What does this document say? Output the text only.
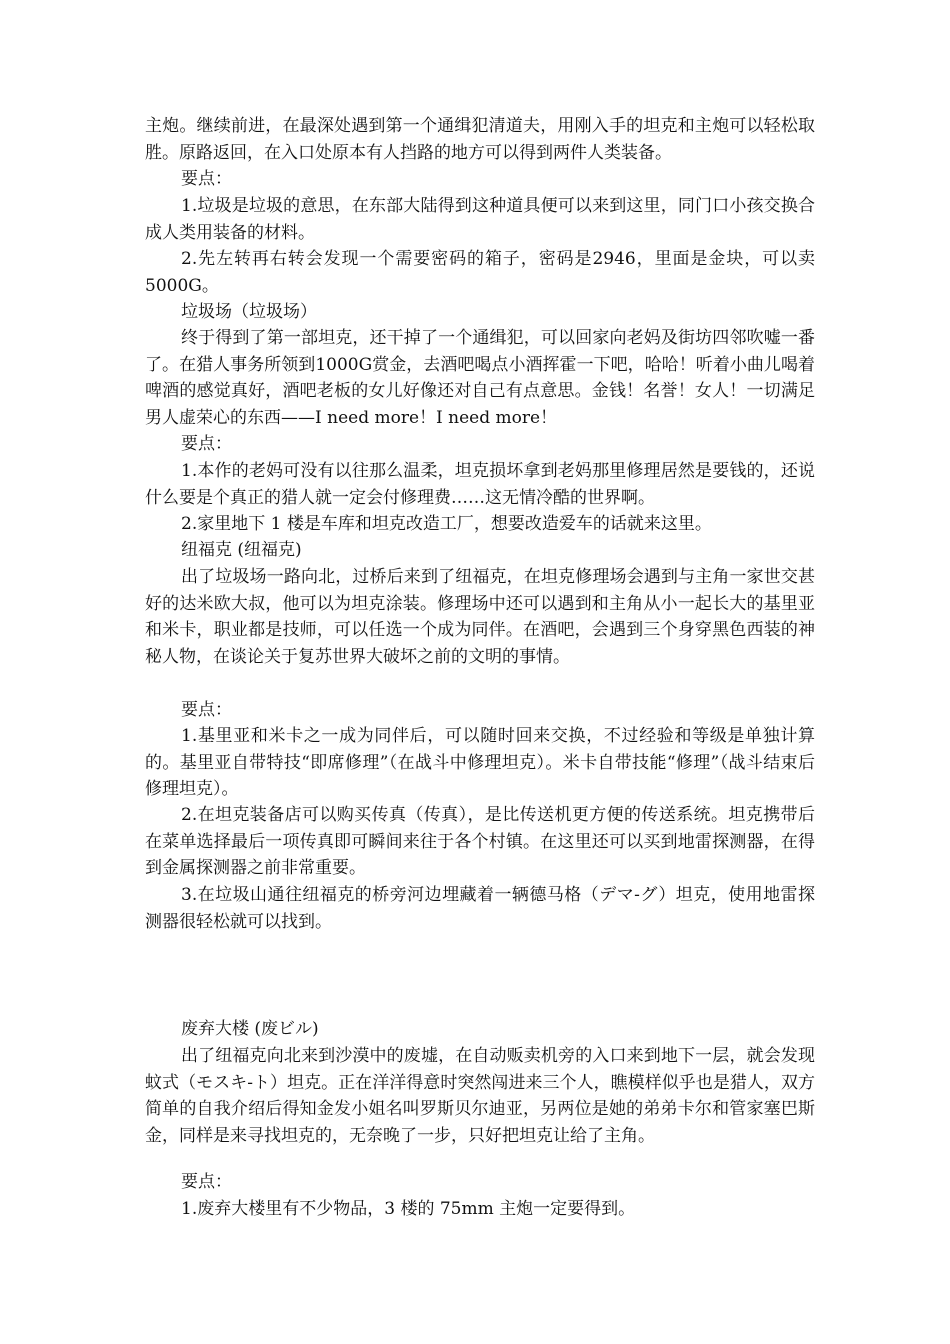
主炮。继续前进，在最深处遇到第一个通缉犯清道夫，用刚入手的坦克和主炮可以轻松取胜。原路返回，在入口处原本有人挡路的地方可以得到两件人类装备。

要点：

1.垃圾是垃圾的意思，在东部大陆得到这种道具便可以来到这里，同门口小孩交换合成人类用装备的材料。

2.先左转再右转会发现一个需要密码的箱子，密码是2946，里面是金块，可以卖5000G。

垃圾场（垃圾场）

终于得到了第一部坦克，还干掉了一个通缉犯，可以回家向老妈及街坊四邻吹嘘一番了。在猎人事务所领到1000G赏金，去酒吧喝点小酒挥霍一下吧，哈哈！听着小曲儿喝着啤酒的感觉真好，酒吧老板的女儿好像还对自己有点意思。金钱！名誉！女人！一切满足男人虚荣心的东西——I need more！I need more！

要点：

1.本作的老妈可没有以往那么温柔，坦克损坏拿到老妈那里修理居然是要钱的，还说什么要是个真正的猎人就一定会付修理费……这无情冷酷的世界啊。

2.家里地下 1 楼是车库和坦克改造工厂，想要改造爱车的话就来这里。

纽福克 (纽福克)

出了垃圾场一路向北，过桥后来到了纽福克，在坦克修理场会遇到与主角一家世交甚好的达米欧大叔，他可以为坦克涂装。修理场中还可以遇到和主角从小一起长大的基里亚和米卡，职业都是技师，可以任选一个成为同伴。在酒吧，会遇到三个身穿黑色西装的神秘人物，在谈论关于复苏世界大破坏之前的文明的事情。

要点：

1.基里亚和米卡之一成为同伴后，可以随时回来交换，不过经验和等级是单独计算的。基里亚自带特技“即席修理”（在战斗中修理坦克）。米卡自带技能“修理”（战斗结束后修理坦克）。

2.在坦克装备店可以购买传真（传真），是比传送机更方便的传送系统。坦克携带后在菜单选择最后一项传真即可瞬间来往于各个村镇。在这里还可以买到地雷探测器，在得到金属探测器之前非常重要。

3.在垃圾山通往纽福克的桥旁河边埋藏着一辆德马格（デマ-グ）坦克，使用地雷探测器很轻松就可以找到。

废弃大楼 (废ビル)

出了纽福克向北来到沙漠中的废墟，在自动贩卖机旁的入口来到地下一层，就会发现蚊式（モスキ-ト）坦克。正在洋洋得意时突然闯进来三个人，瞧模样似乎也是猎人，双方简单的自我介绍后得知金发小姐名叫罗斯贝尔迪亚，另两位是她的弟弟卡尔和管家塞巴斯金，同样是来寻找坦克的，无奈晚了一步，只好把坦克让给了主角。

要点：

1.废弃大楼里有不少物品，3 楼的 75mm 主炮一定要得到。
